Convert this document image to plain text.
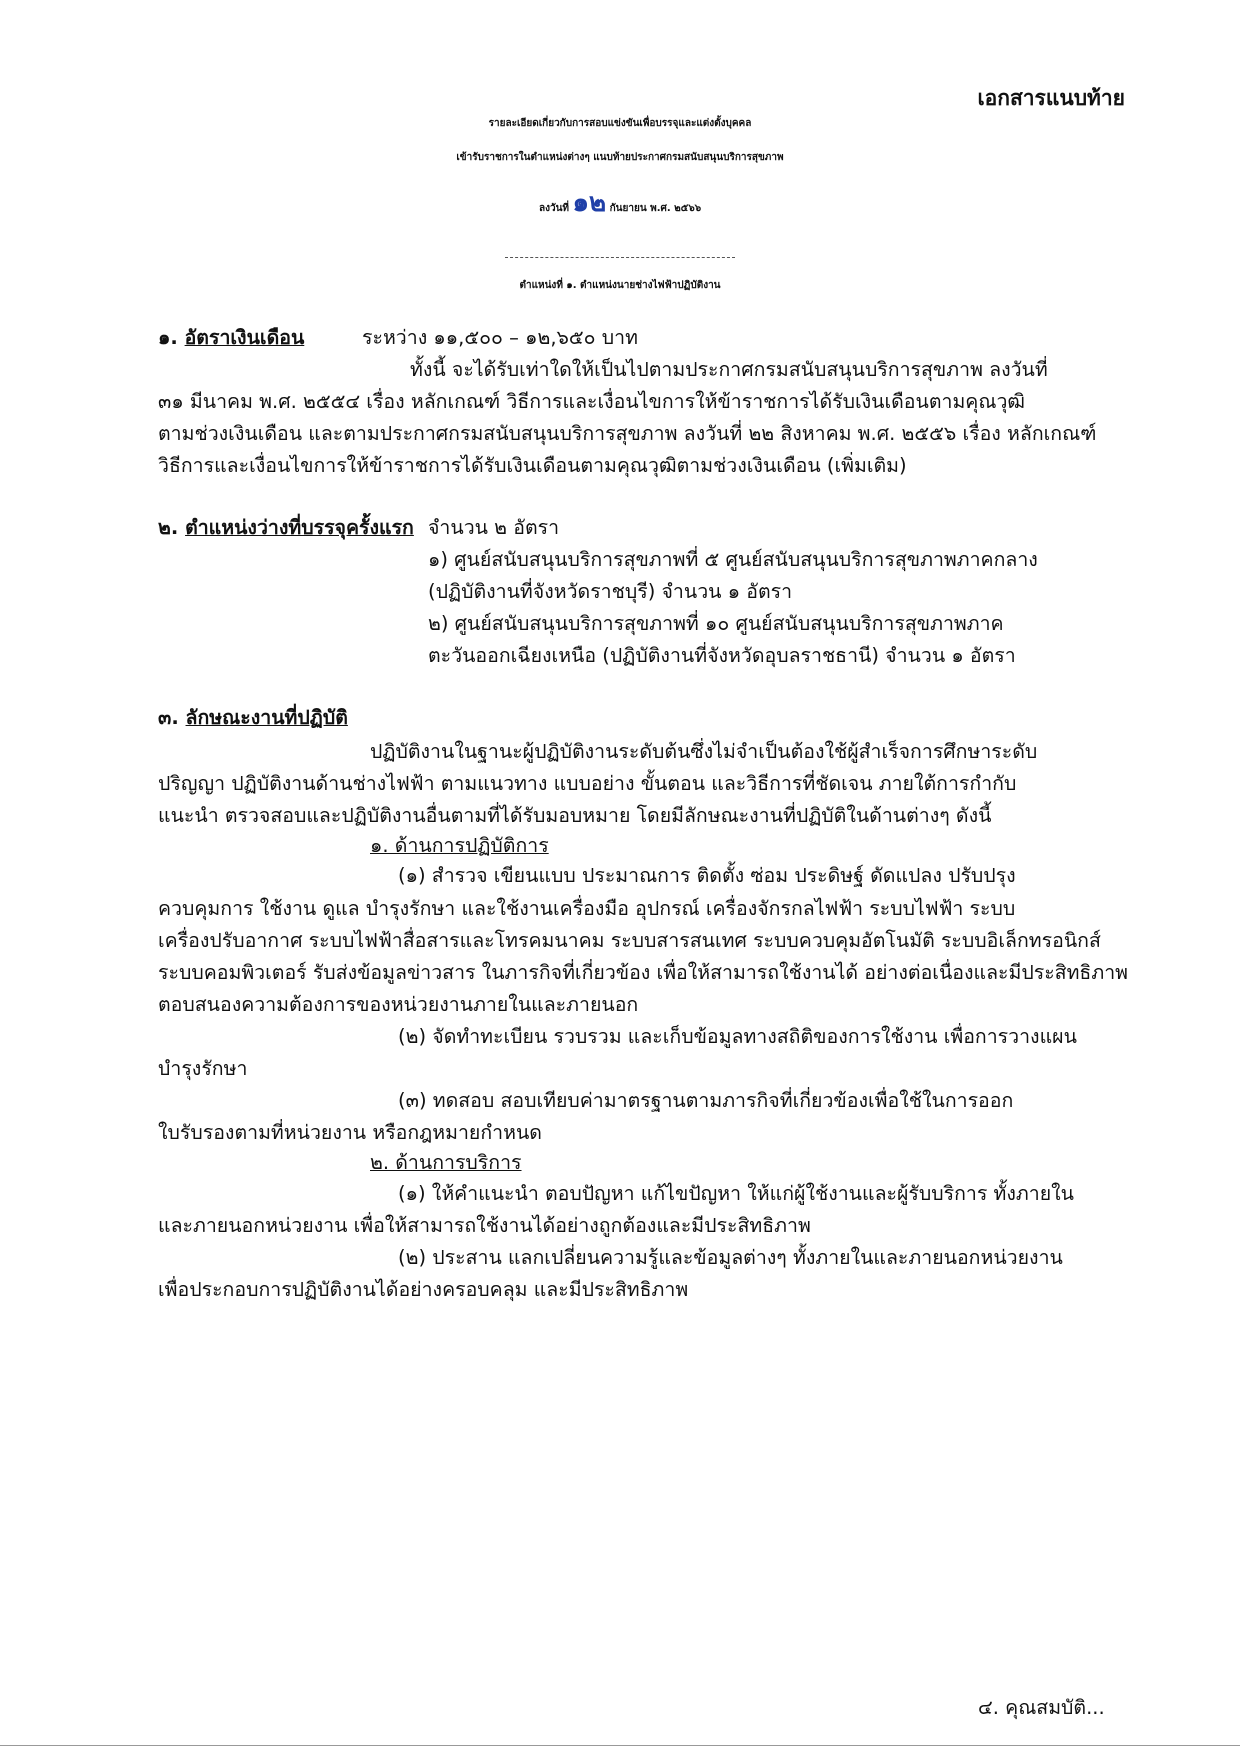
เอกสารแนบท้าย
รายละเอียดเกี่ยวกับการสอบแข่งขันเพื่อบรรจุและแต่งตั้งบุคคล
เข้ารับราชการในตำแหน่งต่างๆ แนบท้ายประกาศกรมสนับสนุนบริการสุขภาพ
ลงวันที่ ๑๒ กันยายน พ.ศ. ๒๕๖๖
ตำแหน่งที่ ๑. ตำแหน่งนายช่างไฟฟ้าปฏิบัติงาน
๑. อัตราเงินเดือน	ระหว่าง ๑๑,๕๐๐ – ๑๒,๖๕๐ บาท
ทั้งนี้ จะได้รับเท่าใดให้เป็นไปตามประกาศกรมสนับสนุนบริการสุขภาพ ลงวันที่
๓๑ มีนาคม พ.ศ. ๒๕๕๔ เรื่อง หลักเกณฑ์ วิธีการและเงื่อนไขการให้ข้าราชการได้รับเงินเดือนตามคุณวุฒิ
ตามช่วงเงินเดือน และตามประกาศกรมสนับสนุนบริการสุขภาพ ลงวันที่ ๒๒ สิงหาคม พ.ศ. ๒๕๕๖ เรื่อง หลักเกณฑ์
วิธีการและเงื่อนไขการให้ข้าราชการได้รับเงินเดือนตามคุณวุฒิตามช่วงเงินเดือน (เพิ่มเติม)
๒. ตำแหน่งว่างที่บรรจุครั้งแรก จำนวน ๒ อัตรา
๑) ศูนย์สนับสนุนบริการสุขภาพที่ ๕ ศูนย์สนับสนุนบริการสุขภาพภาคกลาง
(ปฏิบัติงานที่จังหวัดราชบุรี) จำนวน ๑ อัตรา
๒) ศูนย์สนับสนุนบริการสุขภาพที่ ๑๐ ศูนย์สนับสนุนบริการสุขภาพภาค
ตะวันออกเฉียงเหนือ (ปฏิบัติงานที่จังหวัดอุบลราชธานี) จำนวน ๑ อัตรา
๓. ลักษณะงานที่ปฏิบัติ
ปฏิบัติงานในฐานะผู้ปฏิบัติงานระดับต้นซึ่งไม่จำเป็นต้องใช้ผู้สำเร็จการศึกษาระดับ
ปริญญา ปฏิบัติงานด้านช่างไฟฟ้า ตามแนวทาง แบบอย่าง ขั้นตอน และวิธีการที่ชัดเจน ภายใต้การกำกับ
แนะนำ ตรวจสอบและปฏิบัติงานอื่นตามที่ได้รับมอบหมาย โดยมีลักษณะงานที่ปฏิบัติในด้านต่างๆ ดังนี้
๑. ด้านการปฏิบัติการ
(๑) สำรวจ เขียนแบบ ประมาณการ ติดตั้ง ซ่อม ประดิษฐ์ ดัดแปลง ปรับปรุง
ควบคุมการ ใช้งาน ดูแล บำรุงรักษา และใช้งานเครื่องมือ อุปกรณ์ เครื่องจักรกลไฟฟ้า ระบบไฟฟ้า ระบบ
เครื่องปรับอากาศ ระบบไฟฟ้าสื่อสารและโทรคมนาคม ระบบสารสนเทศ ระบบควบคุมอัตโนมัติ ระบบอิเล็กทรอนิกส์
ระบบคอมพิวเตอร์ รับส่งข้อมูลข่าวสาร ในภารกิจที่เกี่ยวข้อง เพื่อให้สามารถใช้งานได้ อย่างต่อเนื่องและมีประสิทธิภาพ
ตอบสนองความต้องการของหน่วยงานภายในและภายนอก
(๒) จัดทำทะเบียน รวบรวม และเก็บข้อมูลทางสถิติของการใช้งาน เพื่อการวางแผน
บำรุงรักษา
(๓) ทดสอบ สอบเทียบค่ามาตรฐานตามภารกิจที่เกี่ยวข้องเพื่อใช้ในการออก
ใบรับรองตามที่หน่วยงาน หรือกฎหมายกำหนด
๒. ด้านการบริการ
(๑) ให้คำแนะนำ ตอบปัญหา แก้ไขปัญหา ให้แก่ผู้ใช้งานและผู้รับบริการ ทั้งภายใน
และภายนอกหน่วยงาน เพื่อให้สามารถใช้งานได้อย่างถูกต้องและมีประสิทธิภาพ
(๒) ประสาน แลกเปลี่ยนความรู้และข้อมูลต่างๆ ทั้งภายในและภายนอกหน่วยงาน
เพื่อประกอบการปฏิบัติงานได้อย่างครอบคลุม และมีประสิทธิภาพ
๔. คุณสมบัติ...
